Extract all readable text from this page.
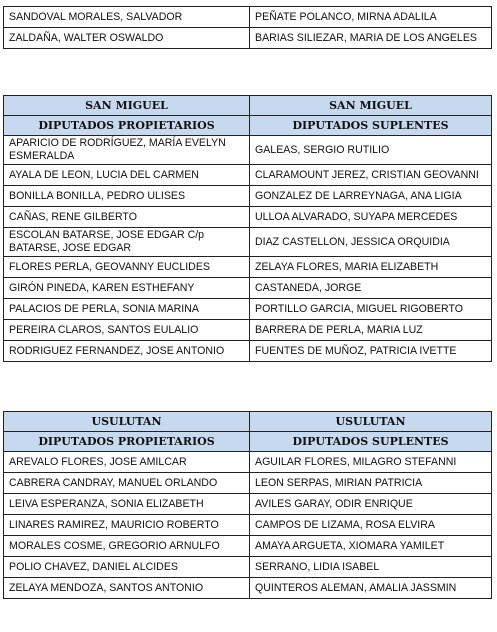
SANDOVAL MORALES, SALVADOR	PEÑATE POLANCO, MIRNA ADALILA
ZALDAÑA, WALTER OSWALDO	BARIAS SILIEZAR, MARIA DE LOS ANGELES
SAN MIGUEL	SAN MIGUEL
DIPUTADOS PROPIETARIOS	DIPUTADOS SUPLENTES
APARICIO DE RODRÍGUEZ, MARÍA EVELYN ESMERALDA	GALEAS, SERGIO RUTILIO
AYALA DE LEON, LUCIA DEL CARMEN	CLARAMOUNT JEREZ, CRISTIAN GEOVANNI
BONILLA BONILLA, PEDRO ULISES	GONZALEZ DE LARREYNAGA, ANA LIGIA
CAÑAS, RENE GILBERTO	ULLOA ALVARADO, SUYAPA MERCEDES
ESCOLAN BATARSE, JOSE EDGAR C/p BATARSE, JOSE EDGAR	DIAZ CASTELLON, JESSICA ORQUIDIA
FLORES PERLA, GEOVANNY EUCLIDES	ZELAYA FLORES, MARIA ELIZABETH
GIRÓN PINEDA, KAREN ESTHEFANY	CASTANEDA, JORGE
PALACIOS DE PERLA, SONIA MARINA	PORTILLO GARCIA, MIGUEL RIGOBERTO
PEREIRA CLAROS, SANTOS EULALIO	BARRERA DE PERLA, MARIA LUZ
RODRIGUEZ FERNANDEZ, JOSE ANTONIO	FUENTES DE MUÑOZ, PATRICIA IVETTE
USULUTAN	USULUTAN
DIPUTADOS PROPIETARIOS	DIPUTADOS SUPLENTES
AREVALO FLORES, JOSE AMILCAR	AGUILAR FLORES, MILAGRO STEFANNI
CABRERA CANDRAY, MANUEL ORLANDO	LEON SERPAS, MIRIAN PATRICIA
LEIVA ESPERANZA, SONIA ELIZABETH	AVILES GARAY, ODIR ENRIQUE
LINARES RAMIREZ, MAURICIO ROBERTO	CAMPOS DE LIZAMA, ROSA ELVIRA
MORALES COSME, GREGORIO ARNULFO	AMAYA ARGUETA, XIOMARA YAMILET
POLIO CHAVEZ, DANIEL ALCIDES	SERRANO, LIDIA ISABEL
ZELAYA MENDOZA, SANTOS ANTONIO	QUINTEROS ALEMAN, AMALIA JASSMIN
